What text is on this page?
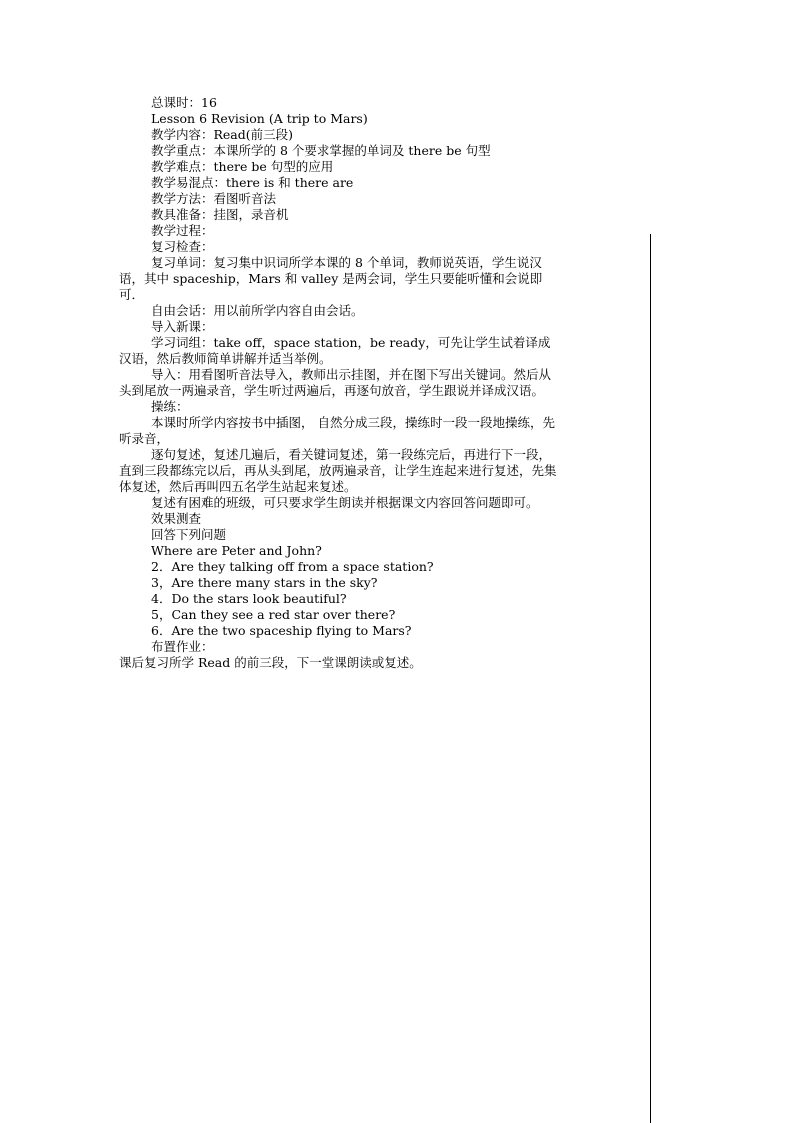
总课时：16

Lesson 6 Revision (A trip to Mars)

教学内容：Read(前三段)

教学重点：本课所学的 8 个要求掌握的单词及 there be 句型

教学难点：there be 句型的应用

教学易混点：there is 和 there are

教学方法：看图听音法

教具准备：挂图，录音机

教学过程：

复习检查：

复习单词：复习集中识词所学本课的 8 个单词，教师说英语，学生说汉语，其中 spaceship，Mars 和 valley 是两会词，学生只要能听懂和会说即可．

自由会话：用以前所学内容自由会话。

导入新课：

学习词组：take off，space station，be ready，可先让学生试着译成汉语，然后教师简单讲解并适当举例。

导入：用看图听音法导入，教师出示挂图，并在图下写出关键词。然后从头到尾放一两遍录音，学生听过两遍后，再逐句放音，学生跟说并译成汉语。

操练：

本课时所学内容按书中插图， 自然分成三段，操练时一段一段地操练，先听录音，

逐句复述，复述几遍后，看关键词复述，第一段练完后，再进行下一段，直到三段都练完以后，再从头到尾，放两遍录音，让学生连起来进行复述，先集体复述，然后再叫四五名学生站起来复述。

复述有困难的班级，可只要求学生朗读并根据课文内容回答问题即可。

效果测查

回答下列问题

Where are Peter and John?

2．Are they talking off from a space station?

3，Are there many stars in the sky?

4．Do the stars look beautiful?

5，Can they see a red star over there?

6．Are the two spaceship flying to Mars?

布置作业：

课后复习所学 Read 的前三段，下一堂课朗读或复述。
